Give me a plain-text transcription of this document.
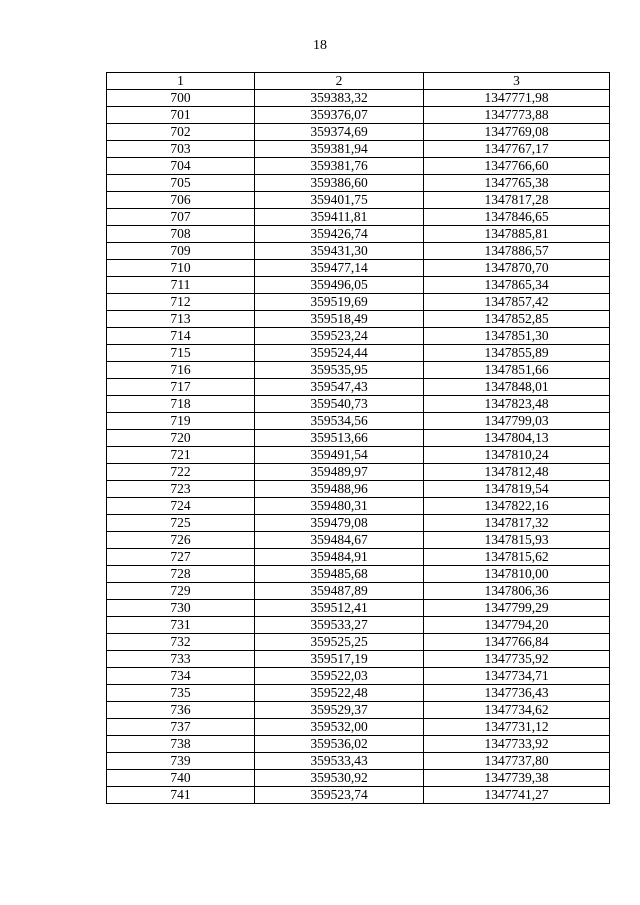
18
1	2	3
700	359383,32	1347771,98
701	359376,07	1347773,88
702	359374,69	1347769,08
703	359381,94	1347767,17
704	359381,76	1347766,60
705	359386,60	1347765,38
706	359401,75	1347817,28
707	359411,81	1347846,65
708	359426,74	1347885,81
709	359431,30	1347886,57
710	359477,14	1347870,70
711	359496,05	1347865,34
712	359519,69	1347857,42
713	359518,49	1347852,85
714	359523,24	1347851,30
715	359524,44	1347855,89
716	359535,95	1347851,66
717	359547,43	1347848,01
718	359540,73	1347823,48
719	359534,56	1347799,03
720	359513,66	1347804,13
721	359491,54	1347810,24
722	359489,97	1347812,48
723	359488,96	1347819,54
724	359480,31	1347822,16
725	359479,08	1347817,32
726	359484,67	1347815,93
727	359484,91	1347815,62
728	359485,68	1347810,00
729	359487,89	1347806,36
730	359512,41	1347799,29
731	359533,27	1347794,20
732	359525,25	1347766,84
733	359517,19	1347735,92
734	359522,03	1347734,71
735	359522,48	1347736,43
736	359529,37	1347734,62
737	359532,00	1347731,12
738	359536,02	1347733,92
739	359533,43	1347737,80
740	359530,92	1347739,38
741	359523,74	1347741,27
